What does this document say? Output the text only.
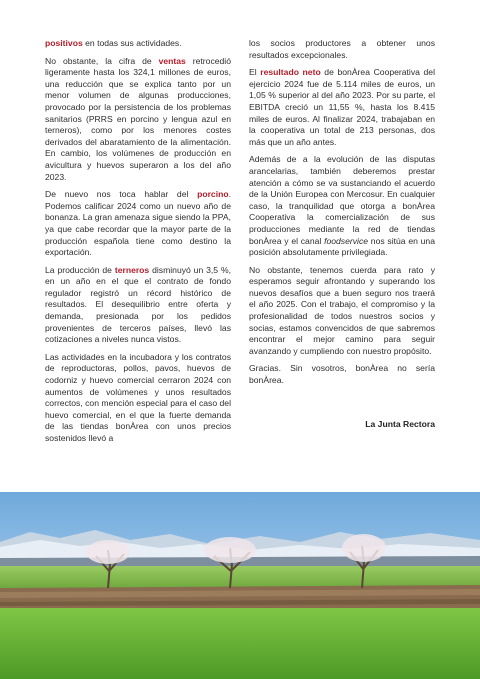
positivos en todas sus actividades.

No obstante, la cifra de ventas retrocedió ligeramente hasta los 324,1 millones de euros, una reducción que se explica tanto por un menor volumen de algunas producciones, provocado por la persistencia de los problemas sanitarios (PRRS en porcino y lengua azul en terneros), como por los menores costes derivados del abaratamiento de la alimentación. En cambio, los volúmenes de producción en avicultura y huevos superaron a los del año 2023.

De nuevo nos toca hablar del porcino. Podemos calificar 2024 como un nuevo año de bonanza. La gran amenaza sigue siendo la PPA, ya que cabe recordar que la mayor parte de la producción española tiene como destino la exportación.

La producción de terneros disminuyó un 3,5 %, en un año en el que el contrato de fondo regulador registró un récord histórico de resultados. El desequilibrio entre oferta y demanda, presionada por los pedidos provenientes de terceros países, llevó las cotizaciones a niveles nunca vistos.

Las actividades en la incubadora y los contratos de reproductoras, pollos, pavos, huevos de codorniz y huevo comercial cerraron 2024 con aumentos de volúmenes y unos resultados correctos, con mención especial para el caso del huevo comercial, en el que la fuerte demanda de las tiendas bonÀrea con unos precios sostenidos llevó a

los socios productores a obtener unos resultados excepcionales.

El resultado neto de bonÀrea Cooperativa del ejercicio 2024 fue de 5.114 miles de euros, un 1,05 % superior al del año 2023. Por su parte, el EBITDA creció un 11,55 %, hasta los 8.415 miles de euros. Al finalizar 2024, trabajaban en la cooperativa un total de 213 personas, dos más que un año antes.

Además de a la evolución de las disputas arancelarias, también deberemos prestar atención a cómo se va sustanciando el acuerdo de la Unión Europea con Mercosur. En cualquier caso, la tranquilidad que otorga a bonÀrea Cooperativa la comercialización de sus producciones mediante la red de tiendas bonÀrea y el canal foodservice nos sitúa en una posición absolutamente privilegiada.

No obstante, tenemos cuerda para rato y esperamos seguir afrontando y superando los nuevos desafíos que a buen seguro nos traerá el año 2025. Con el trabajo, el compromiso y la profesionalidad de todos nuestros socios y socias, estamos convencidos de que sabremos encontrar el mejor camino para seguir avanzando y cumpliendo con nuestro propósito.

Gracias. Sin vosotros, bonÀrea no sería bonÀrea.

La Junta Rectora
